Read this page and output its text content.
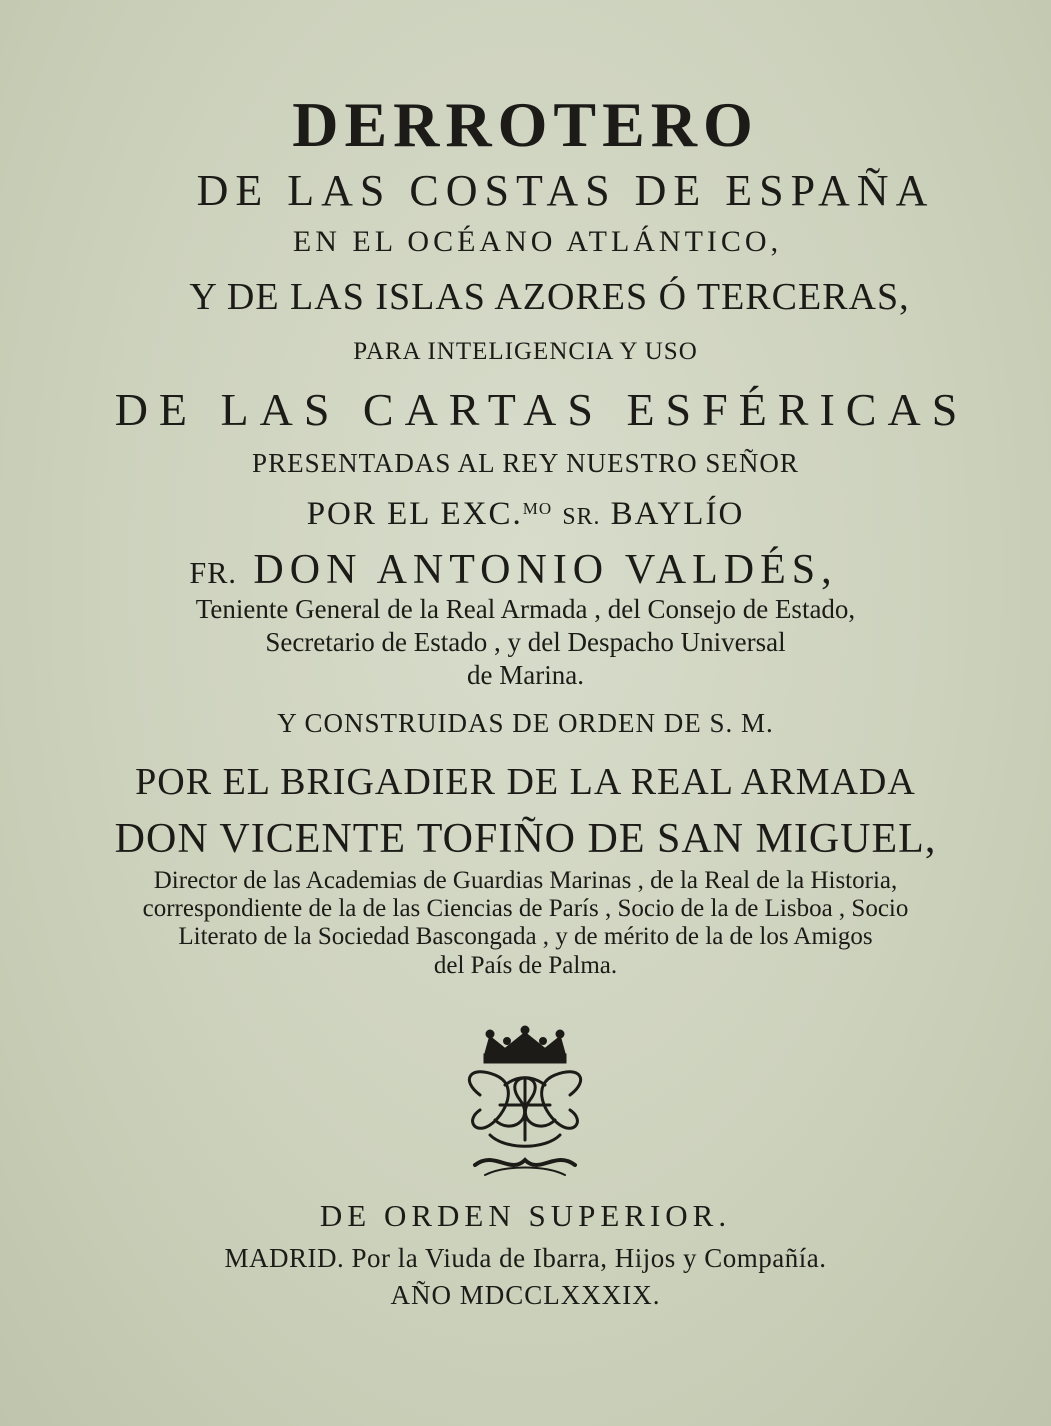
DERROTERO
DE LAS COSTAS DE ESPAÑA
EN EL OCÉANO ATLÁNTICO,
Y DE LAS ISLAS AZORES Ó TERCERAS,
PARA INTELIGENCIA Y USO
DE LAS CARTAS ESFÉRICAS
PRESENTADAS AL REY NUESTRO SEÑOR
POR EL EXC.$^{MO}$ SR. BAYLÍO
FR. DON ANTONIO VALDÉS,
Teniente General de la Real Armada , del Consejo de Estado,
Secretario de Estado , y del Despacho Universal
de Marina.
Y CONSTRUIDAS DE ORDEN DE S. M.
POR EL BRIGADIER DE LA REAL ARMADA
DON VICENTE TOFIÑO DE SAN MIGUEL,
Director de las Academias de Guardias Marinas , de la Real de la Historia,
correspondiente de la de las Ciencias de París , Socio de la de Lisboa , Socio
Literato de la Sociedad Bascongada , y de mérito de la de los Amigos
del País de Palma.
DE ORDEN SUPERIOR.
MADRID. Por la Viuda de Ibarra, Hijos y Compañía.
AÑO MDCCLXXXIX.
